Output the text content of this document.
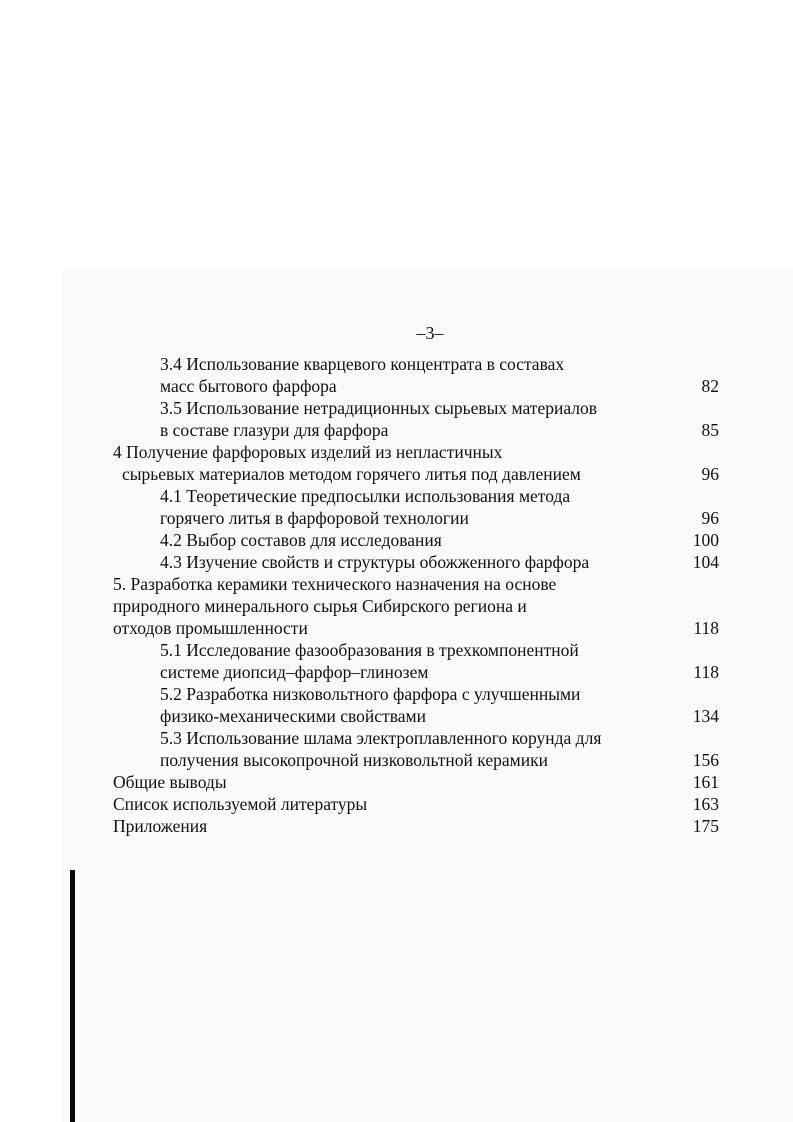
–3–
3.4 Использование кварцевого концентрата в составах
масс бытового фарфора	82
3.5 Использование нетрадиционных сырьевых материалов
в составе глазури для фарфора	85
4 Получение фарфоровых изделий из непластичных
сырьевых материалов методом горячего литья под давлением	96
4.1 Теоретические предпосылки использования метода
горячего литья в фарфоровой технологии	96
4.2 Выбор составов для исследования	100
4.3 Изучение свойств и структуры обожженного фарфора	104
5. Разработка керамики технического назначения на основе
природного минерального сырья Сибирского региона и
отходов промышленности	118
5.1 Исследование фазообразования в трехкомпонентной
системе диопсид–фарфор–глинозем	118
5.2 Разработка низковольтного фарфора с улучшенными
физико-механическими свойствами	134
5.3 Использование шлама электроплавленного корунда для
получения высокопрочной низковольтной керамики	156
Общие выводы	161
Список используемой литературы	163
Приложения	175
